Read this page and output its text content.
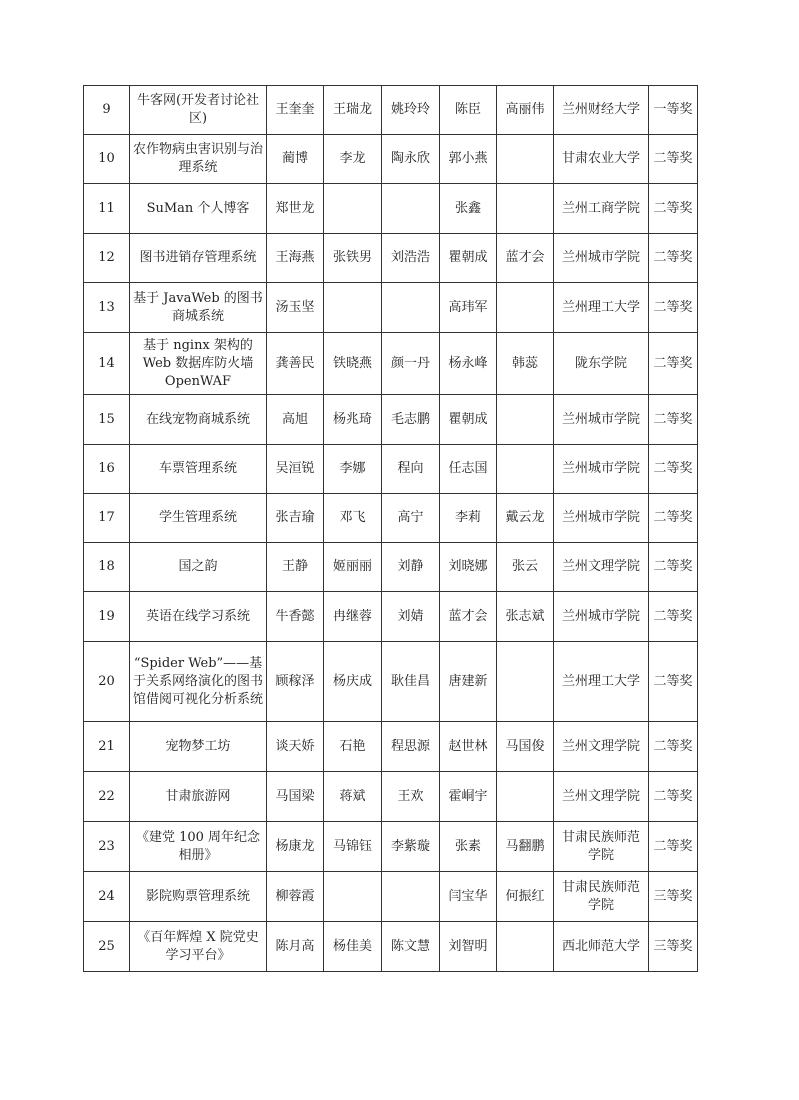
9	牛客网(开发者讨论社区)	王奎奎	王瑞龙	姚玲玲	陈臣	高丽伟	兰州财经大学	一等奖
10	农作物病虫害识别与治理系统	蔺博	李龙	陶永欣	郭小燕		甘肃农业大学	二等奖
11	SuMan 个人博客	郑世龙			张鑫		兰州工商学院	二等奖
12	图书进销存管理系统	王海燕	张铁男	刘浩浩	瞿朝成	蓝才会	兰州城市学院	二等奖
13	基于 JavaWeb 的图书商城系统	汤玉坚			高玮军		兰州理工大学	二等奖
14	基于 nginx 架构的 Web 数据库防火墙 OpenWAF	龚善民	铁晓燕	颜一丹	杨永峰	韩蕊	陇东学院	二等奖
15	在线宠物商城系统	高旭	杨兆琦	毛志鹏	瞿朝成		兰州城市学院	二等奖
16	车票管理系统	吴洹锐	李娜	程向	任志国		兰州城市学院	二等奖
17	学生管理系统	张吉瑜	邓飞	高宁	李莉	戴云龙	兰州城市学院	二等奖
18	国之韵	王静	姬丽丽	刘静	刘晓娜	张云	兰州文理学院	二等奖
19	英语在线学习系统	牛香懿	冉继蓉	刘婧	蓝才会	张志斌	兰州城市学院	二等奖
20	“Spider Web”——基于关系网络演化的图书馆借阅可视化分析系统	顾稼泽	杨庆成	耿佳昌	唐建新		兰州理工大学	二等奖
21	宠物梦工坊	谈天娇	石艳	程思源	赵世林	马国俊	兰州文理学院	二等奖
22	甘肃旅游网	马国梁	蒋斌	王欢	霍峒宇		兰州文理学院	二等奖
23	《建党 100 周年纪念相册》	杨康龙	马锦钰	李紫璇	张素	马翻鹏	甘肃民族师范学院	二等奖
24	影院购票管理系统	柳蓉霞			闫宝华	何振红	甘肃民族师范学院	三等奖
25	《百年辉煌 X 院党史学习平台》	陈月高	杨佳美	陈文慧	刘智明		西北师范大学	三等奖
